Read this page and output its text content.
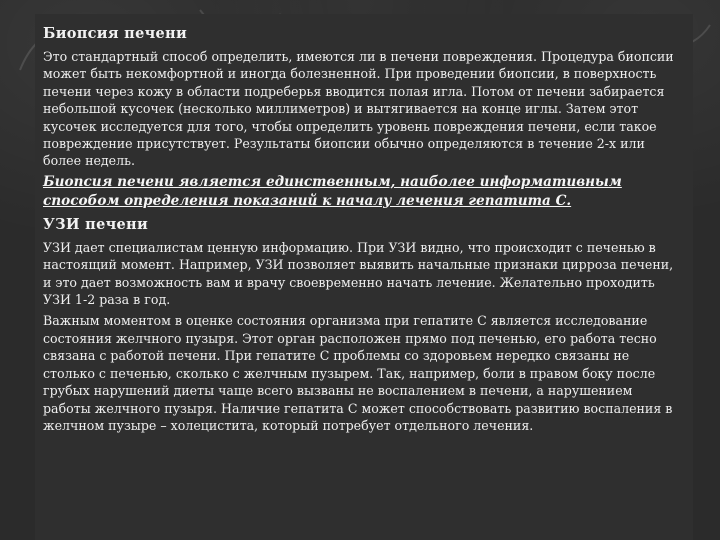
Биопсия печени

Это стандартный способ определить, имеются ли в печени повреждения. Процедура биопсии может быть некомфортной и иногда болезненной. При проведении биопсии, в поверхность печени через кожу в области подреберья вводится полая игла. Потом от печени забирается небольшой кусочек (несколько миллиметров) и вытягивается на конце иглы. Затем этот кусочек исследуется для того, чтобы определить уровень повреждения печени, если такое повреждение присутствует. Результаты биопсии обычно определяются в течение 2-х или более недель.

Биопсия печени является единственным, наиболее информативным способом определения показаний к началу лечения гепатита С.

УЗИ печени

УЗИ дает специалистам ценную информацию. При УЗИ видно, что происходит с печенью в настоящий момент. Например, УЗИ позволяет выявить начальные признаки цирроза печени, и это дает возможность вам и врачу своевременно начать лечение. Желательно проходить УЗИ 1-2 раза в год.

Важным моментом в оценке состояния организма при гепатите С является исследование состояния желчного пузыря. Этот орган расположен прямо под печенью, его работа тесно связана с работой печени. При гепатите С проблемы со здоровьем нередко связаны не столько с печенью, сколько с желчным пузырем. Так, например, боли в правом боку после грубых нарушений диеты чаще всего вызваны не воспалением в печени, а нарушением работы желчного пузыря. Наличие гепатита С может способствовать развитию воспаления в желчном пузыре – холецистита, который потребует отдельного лечения.
